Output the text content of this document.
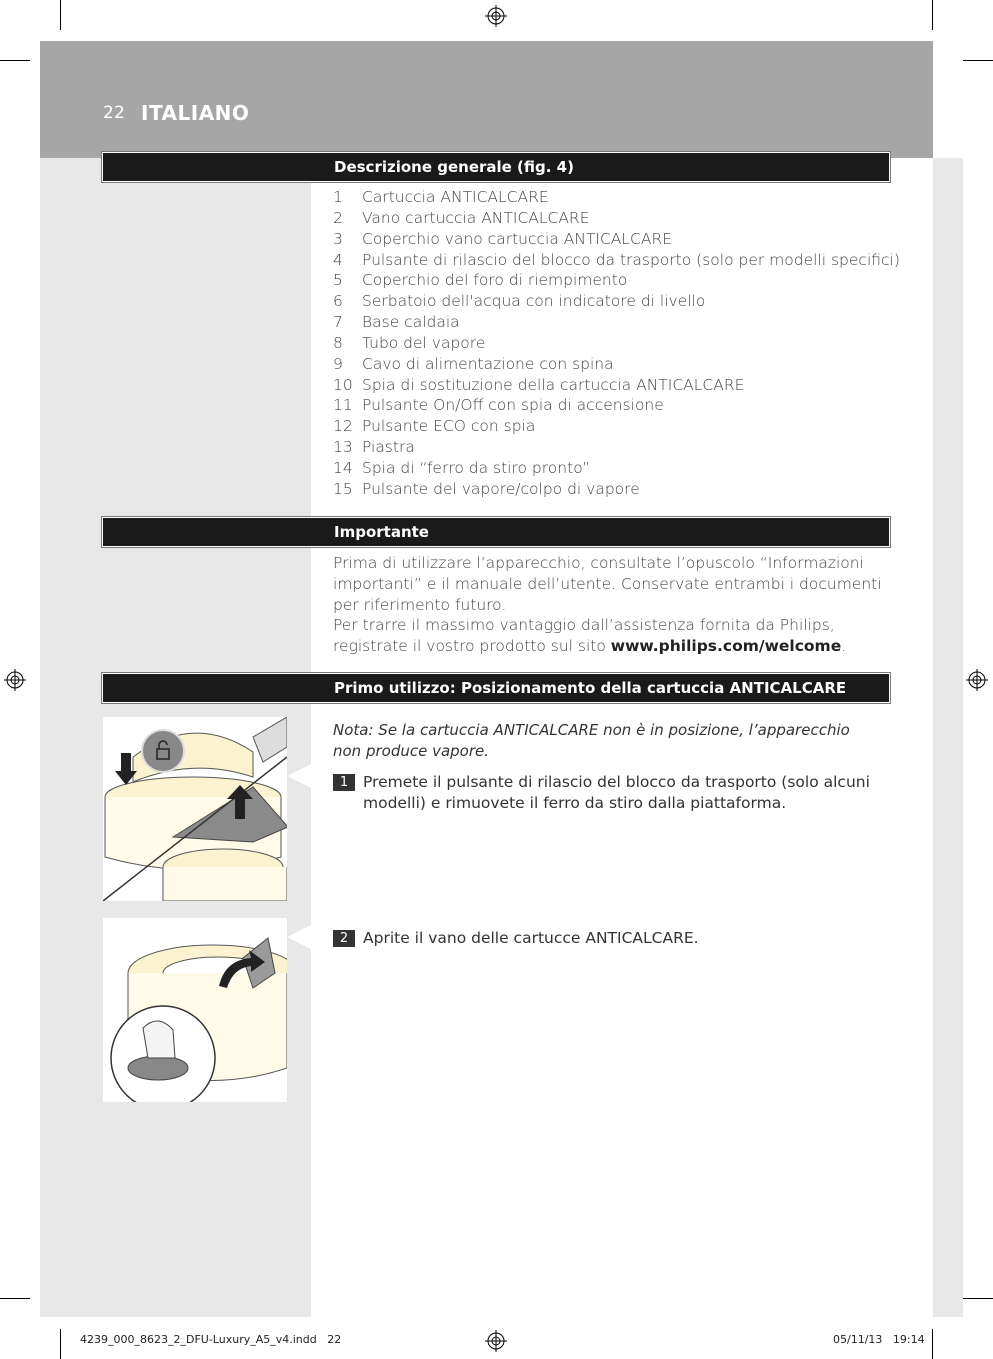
22 ITALIANO
Descrizione generale (fig. 4)
1 Cartuccia ANTICALCARE
2 Vano cartuccia ANTICALCARE
3 Coperchio vano cartuccia ANTICALCARE
4 Pulsante di rilascio del blocco da trasporto (solo per modelli specifici)
5 Coperchio del foro di riempimento
6 Serbatoio dell'acqua con indicatore di livello
7 Base caldaia
8 Tubo del vapore
9 Cavo di alimentazione con spina
10 Spia di sostituzione della cartuccia ANTICALCARE
11 Pulsante On/Off con spia di accensione
12 Pulsante ECO con spia
13 Piastra
14 Spia di “ferro da stiro pronto”
15 Pulsante del vapore/colpo di vapore
Importante
Prima di utilizzare l’apparecchio, consultate l’opuscolo “Informazioni importanti” e il manuale dell’utente. Conservate entrambi i documenti per riferimento futuro.
Per trarre il massimo vantaggio dall’assistenza fornita da Philips, registrate il vostro prodotto sul sito www.philips.com/welcome.
Primo utilizzo: Posizionamento della cartuccia ANTICALCARE
Nota: Se la cartuccia ANTICALCARE non è in posizione, l’apparecchio non produce vapore.
1 Premete il pulsante di rilascio del blocco da trasporto (solo alcuni modelli) e rimuovete il ferro da stiro dalla piattaforma.
2 Aprite il vano delle cartucce ANTICALCARE.
4239_000_8623_2_DFU-Luxury_A5_v4.indd   22	05/11/13   19:14
